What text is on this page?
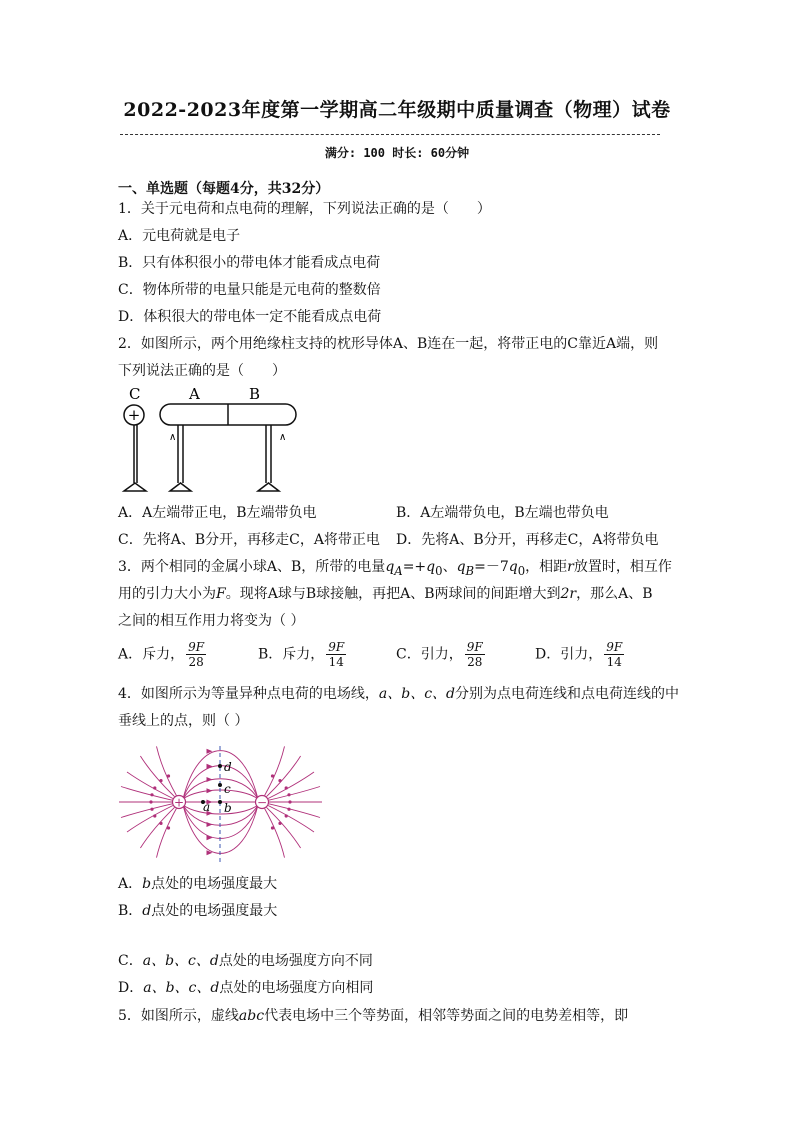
2022-2023年度第一学期高二年级期中质量调查（物理）试卷
满分: 100 时长: 60分钟
一、单选题（每题4分，共32分）
1．关于元电荷和点电荷的理解，下列说法正确的是（　　）
A．元电荷就是电子
B．只有体积很小的带电体才能看成点电荷
C．物体所带的电量只能是元电荷的整数倍
D．体积很大的带电体一定不能看成点电荷
2．如图所示，两个用绝缘柱支持的枕形导体A、B连在一起，将带正电的C靠近A端，则
下列说法正确的是（　　）
C	A	B
+
∧	∧
A．A左端带正电，B左端带负电	B．A左端带负电，B左端也带负电
C．先将A、B分开，再移走C，A将带正电 D．先将A、B分开，再移走C，A将带负电
3．两个相同的金属小球A、B，所带的电量$q_A=+q_0$、$q_B=-7q_0$，相距r放置时，相互作
用的引力大小为F。现将A球与B球接触，再把A、B两球间的间距增大到2r，那么A、B
之间的相互作用力将变为（ ）
A．斥力， $\frac{9F}{28}$	B．斥力， $\frac{9F}{14}$	C．引力， $\frac{9F}{28}$	D．引力， $\frac{9F}{14}$
4．如图所示为等量异种点电荷的电场线，a、b、c、d分别为点电荷连线和点电荷连线的中
垂线上的点，则（ ）
+	−
a b
c
d
A．b点处的电场强度最大
B．d点处的电场强度最大
C．a、b、c、d点处的电场强度方向不同
D．a、b、c、d点处的电场强度方向相同
5．如图所示，虚线abc代表电场中三个等势面，相邻等势面之间的电势差相等，即
